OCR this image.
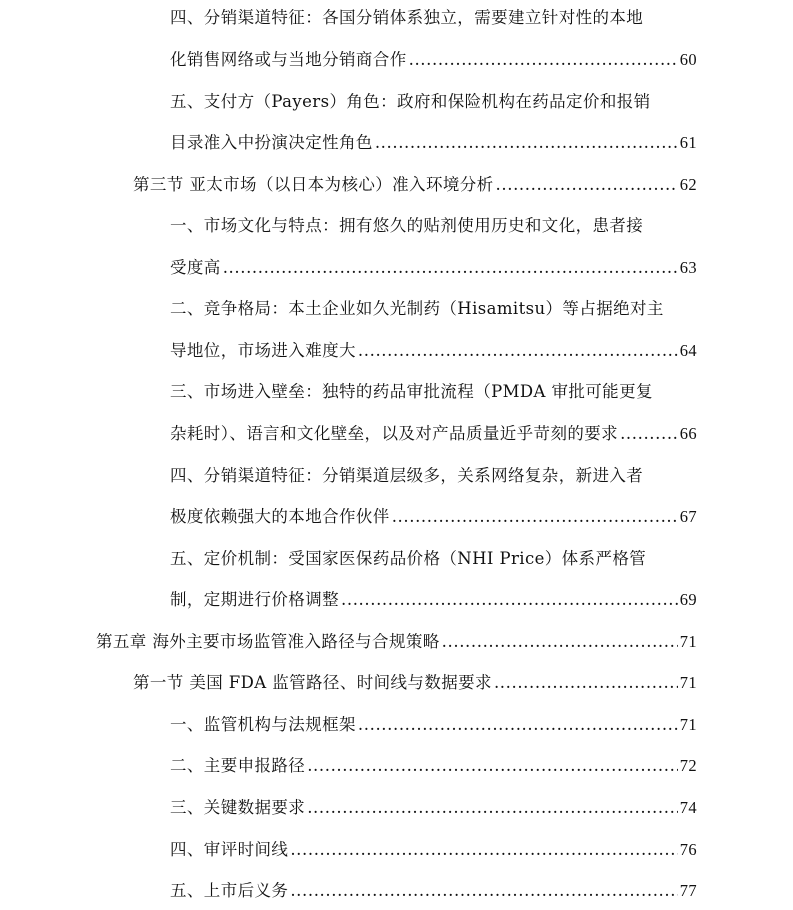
四、分销渠道特征：各国分销体系独立，需要建立针对性的本地
化销售网络或与当地分销商合作 .....	60
五、支付方（Payers）角色：政府和保险机构在药品定价和报销
目录准入中扮演决定性角色 .....	61
第三节 亚太市场（以日本为核心）准入环境分析 .....	62
一、市场文化与特点：拥有悠久的贴剂使用历史和文化，患者接
受度高 .....	63
二、竞争格局：本土企业如久光制药（Hisamitsu）等占据绝对主
导地位，市场进入难度大 .....	64
三、市场进入壁垒：独特的药品审批流程（PMDA 审批可能更复
杂耗时）、语言和文化壁垒，以及对产品质量近乎苛刻的要求 .....	66
四、分销渠道特征：分销渠道层级多，关系网络复杂，新进入者
极度依赖强大的本地合作伙伴 .....	67
五、定价机制：受国家医保药品价格（NHI Price）体系严格管
制，定期进行价格调整 .....	69
第五章 海外主要市场监管准入路径与合规策略 .....	71
第一节 美国 FDA 监管路径、时间线与数据要求 .....	71
一、监管机构与法规框架 .....	71
二、主要申报路径 .....	72
三、关键数据要求 .....	74
四、审评时间线 .....	76
五、上市后义务 .....	77
